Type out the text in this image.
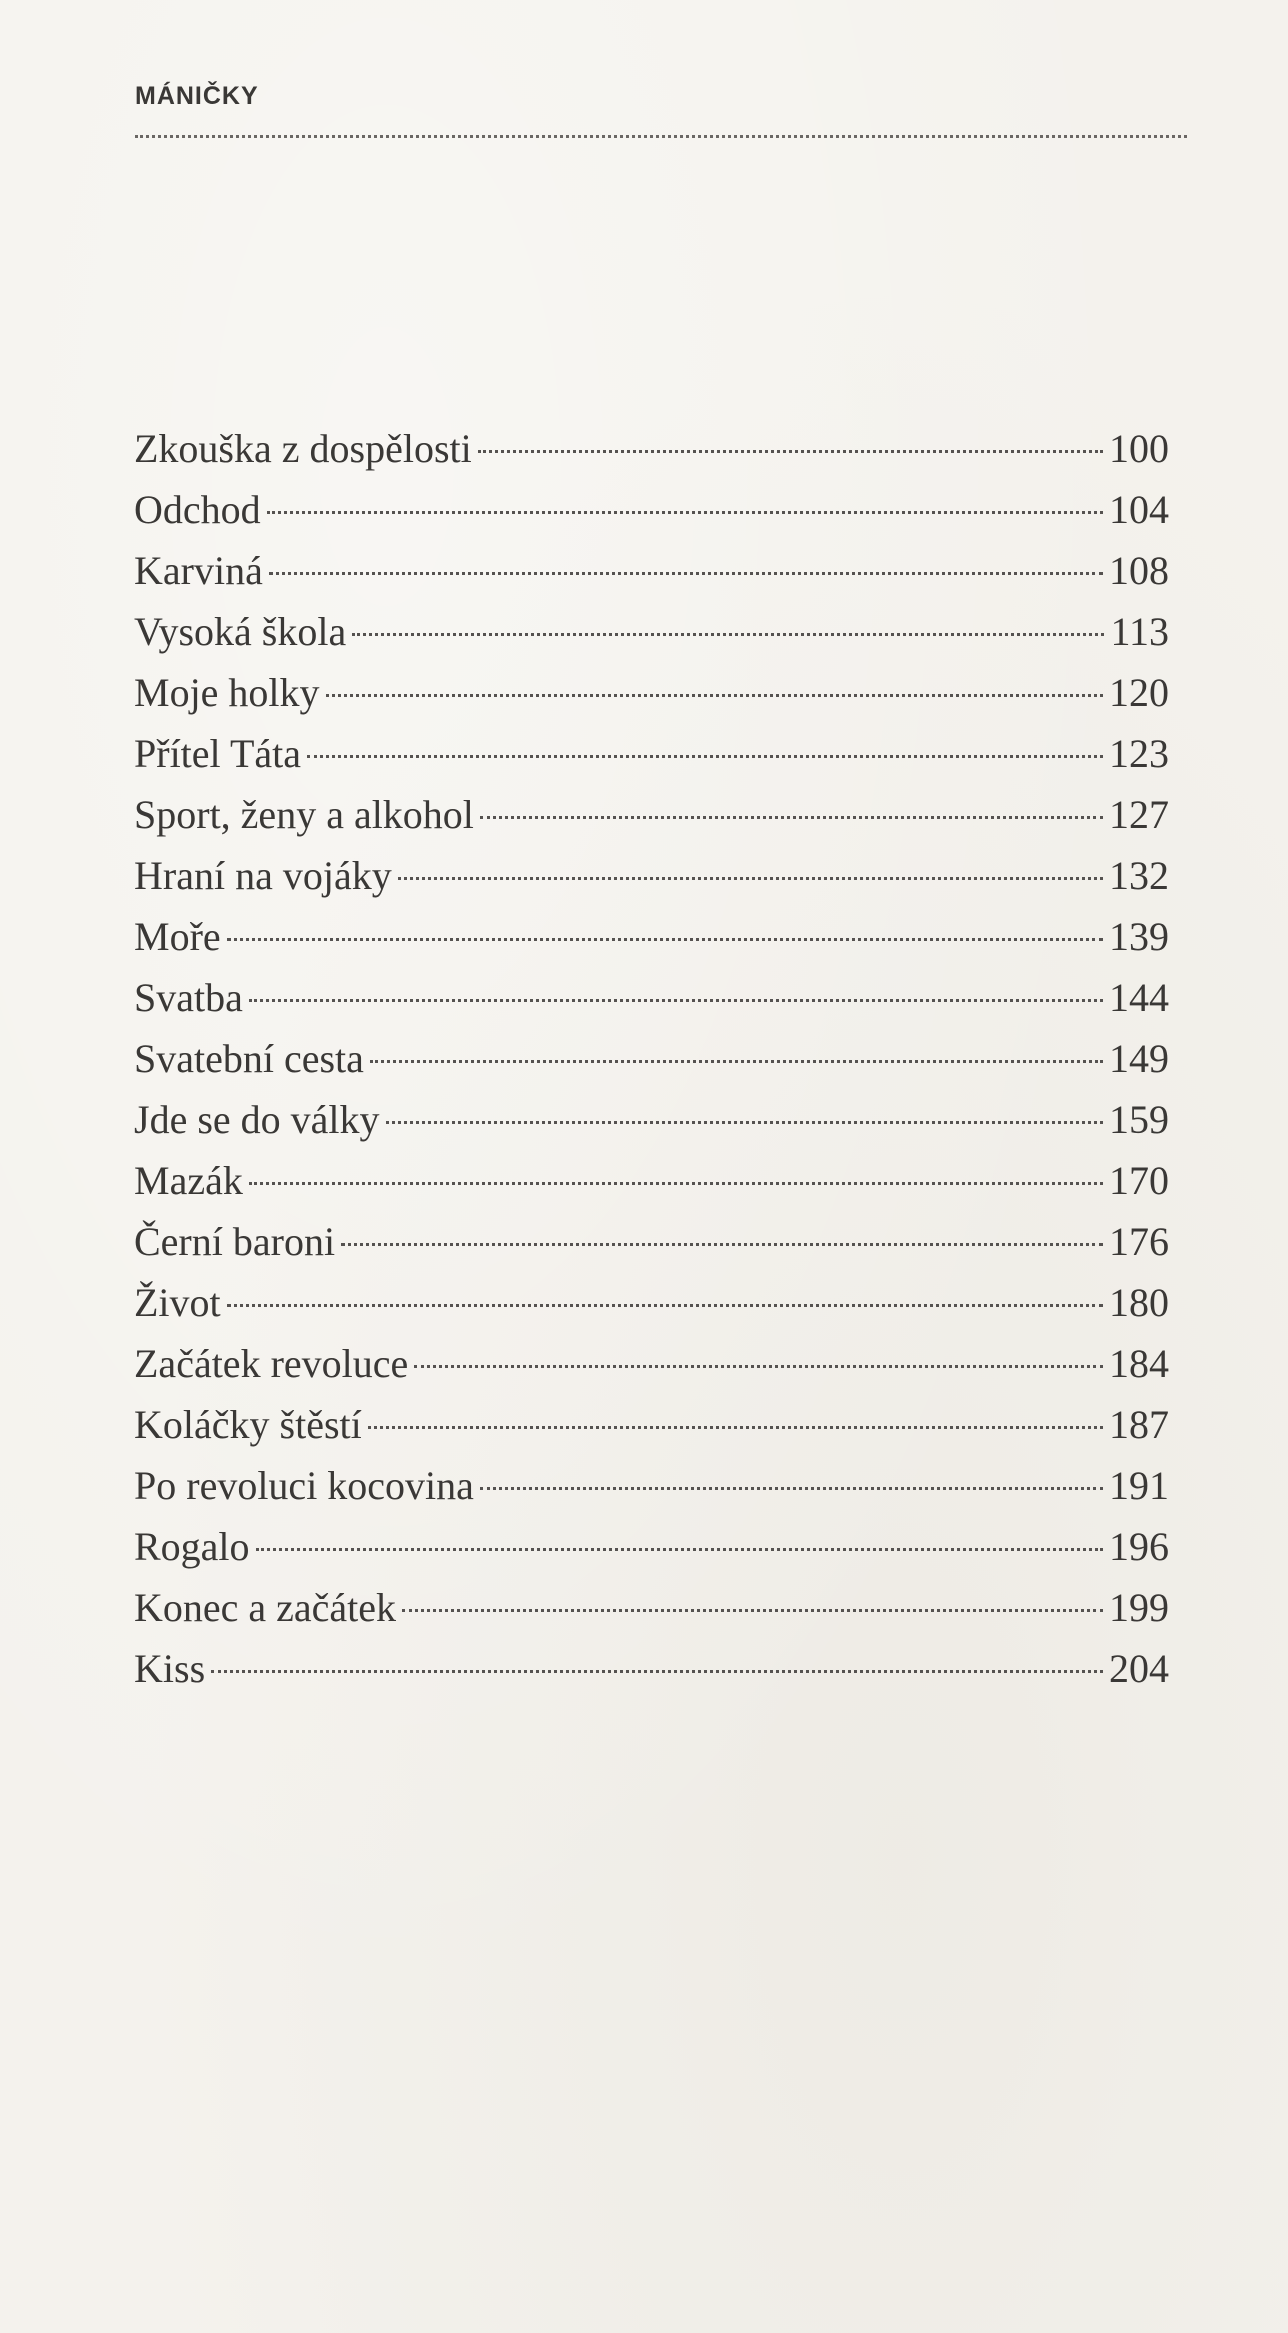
MÁNIČKY
Zkouška z dospělosti	100
Odchod	104
Karviná	108
Vysoká škola	113
Moje holky	120
Přítel Táta	123
Sport, ženy a alkohol	127
Hraní na vojáky	132
Moře	139
Svatba	144
Svatební cesta	149
Jde se do války	159
Mazák	170
Černí baroni	176
Život	180
Začátek revoluce	184
Koláčky štěstí	187
Po revoluci kocovina	191
Rogalo	196
Konec a začátek	199
Kiss	204
